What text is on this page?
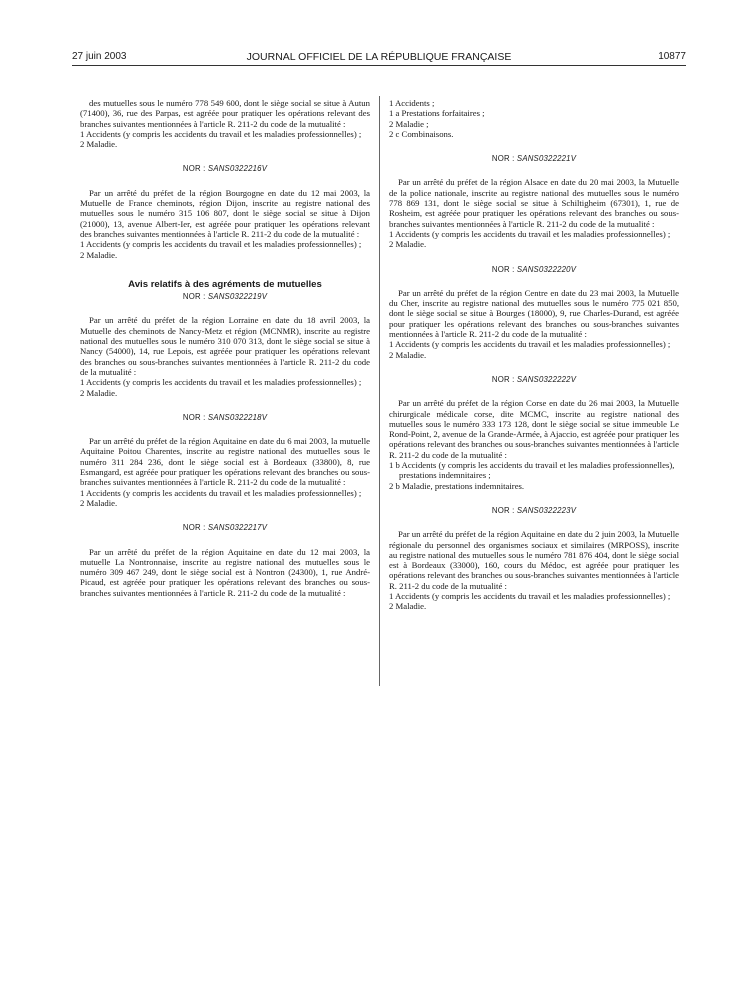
27 juin 2003	JOURNAL OFFICIEL DE LA RÉPUBLIQUE FRANÇAISE	10877

des mutuelles sous le numéro 778 549 600, dont le siège social se situe à Autun (71400), 36, rue des Parpas, est agréée pour pratiquer les opérations relevant des branches suivantes mentionnées à l'article R. 211-2 du code de la mutualité :

1 Accidents (y compris les accidents du travail et les maladies professionnelles) ;

2 Maladie.

NOR : SANS0322216V

Par un arrêté du préfet de la région Bourgogne en date du 12 mai 2003, la Mutuelle de France cheminots, région Dijon, inscrite au registre national des mutuelles sous le numéro 315 106 807, dont le siège social se situe à Dijon (21000), 13, avenue Albert-Ier, est agréée pour pratiquer les opérations relevant des branches suivantes mentionnées à l'article R. 211-2 du code de la mutualité :

1 Accidents (y compris les accidents du travail et les maladies professionnelles) ;

2 Maladie.

Avis relatifs à des agréments de mutuelles

NOR : SANS0322219V

Par un arrêté du préfet de la région Lorraine en date du 18 avril 2003, la Mutuelle des cheminots de Nancy-Metz et région (MCNMR), inscrite au registre national des mutuelles sous le numéro 310 070 313, dont le siège social se situe à Nancy (54000), 14, rue Lepois, est agréée pour pratiquer les opérations relevant des branches ou sous-branches suivantes mentionnées à l'article R. 211-2 du code de la mutualité :

1 Accidents (y compris les accidents du travail et les maladies professionnelles) ;

2 Maladie.

NOR : SANS0322218V

Par un arrêté du préfet de la région Aquitaine en date du 6 mai 2003, la mutuelle Aquitaine Poitou Charentes, inscrite au registre national des mutuelles sous le numéro 311 284 236, dont le siège social est à Bordeaux (33800), 8, rue Esmangard, est agréée pour pratiquer les opérations relevant des branches ou sous-branches suivantes mentionnées à l'article R. 211-2 du code de la mutualité :

1 Accidents (y compris les accidents du travail et les maladies professionnelles) ;

2 Maladie.

NOR : SANS0322217V

Par un arrêté du préfet de la région Aquitaine en date du 12 mai 2003, la mutuelle La Nontronnaise, inscrite au registre national des mutuelles sous le numéro 309 467 249, dont le siège social est à Nontron (24300), 1, rue André-Picaud, est agréée pour pratiquer les opérations relevant des branches ou sous-branches suivantes mentionnées à l'article R. 211-2 du code de la mutualité :

1 Accidents ;

1 a Prestations forfaitaires ;

2 Maladie ;

2 c Combinaisons.

NOR : SANS0322221V

Par un arrêté du préfet de la région Alsace en date du 20 mai 2003, la Mutuelle de la police nationale, inscrite au registre national des mutuelles sous le numéro 778 869 131, dont le siège social se situe à Schiltigheim (67301), 1, rue de Rosheim, est agréée pour pratiquer les opérations relevant des branches ou sous-branches suivantes mentionnées à l'article R. 211-2 du code de la mutualité :

1 Accidents (y compris les accidents du travail et les maladies professionnelles) ;

2 Maladie.

NOR : SANS0322220V

Par un arrêté du préfet de la région Centre en date du 23 mai 2003, la Mutuelle du Cher, inscrite au registre national des mutuelles sous le numéro 775 021 850, dont le siège social se situe à Bourges (18000), 9, rue Charles-Durand, est agréée pour pratiquer les opérations relevant des branches ou sous-branches suivantes mentionnées à l'article R. 211-2 du code de la mutualité :

1 Accidents (y compris les accidents du travail et les maladies professionnelles) ;

2 Maladie.

NOR : SANS0322222V

Par un arrêté du préfet de la région Corse en date du 26 mai 2003, la Mutuelle chirurgicale médicale corse, dite MCMC, inscrite au registre national des mutuelles sous le numéro 333 173 128, dont le siège social se situe immeuble Le Rond-Point, 2, avenue de la Grande-Armée, à Ajaccio, est agréée pour pratiquer les opérations relevant des branches ou sous-branches suivantes mentionnées à l'article R. 211-2 du code de la mutualité :

1 b Accidents (y compris les accidents du travail et les maladies professionnelles), prestations indemnitaires ;

2 b Maladie, prestations indemnitaires.

NOR : SANS0322223V

Par un arrêté du préfet de la région Aquitaine en date du 2 juin 2003, la Mutuelle régionale du personnel des organismes sociaux et similaires (MRPOSS), inscrite au registre national des mutuelles sous le numéro 781 876 404, dont le siège social est à Bordeaux (33000), 160, cours du Médoc, est agréée pour pratiquer les opérations relevant des branches ou sous-branches suivantes mentionnées à l'article R. 211-2 du code de la mutualité :

1 Accidents (y compris les accidents du travail et les maladies professionnelles) ;

2 Maladie.
